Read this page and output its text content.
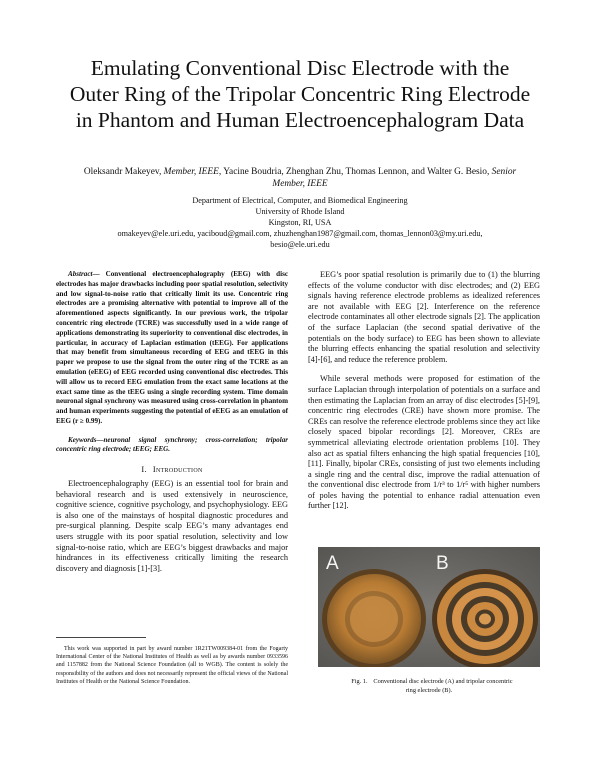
Emulating Conventional Disc Electrode with the
Outer Ring of the Tripolar Concentric Ring Electrode
in Phantom and Human Electroencephalogram Data
Oleksandr Makeyev, Member, IEEE, Yacine Boudria, Zhenghan Zhu, Thomas Lennon, and Walter G. Besio, Senior
Member, IEEE
Department of Electrical, Computer, and Biomedical Engineering
University of Rhode Island
Kingston, RI, USA
omakeyev@ele.uri.edu, yaciboud@gmail.com, zhuzhenghan1987@gmail.com, thomas_lennon03@my.uri.edu,
besio@ele.uri.edu
Abstract— Conventional electroencephalography (EEG) with disc electrodes has major drawbacks including poor spatial resolution, selectivity and low signal-to-noise ratio that critically limit its use. Concentric ring electrodes are a promising alternative with potential to improve all of the aforementioned aspects significantly. In our previous work, the tripolar concentric ring electrode (TCRE) was successfully used in a wide range of applications demonstrating its superiority to conventional disc electrodes, in particular, in accuracy of Laplacian estimation (tEEG). For applications that may benefit from simultaneous recording of EEG and tEEG in this paper we propose to use the signal from the outer ring of the TCRE as an emulation (eEEG) of EEG recorded using conventional disc electrodes. This will allow us to record EEG emulation from the exact same locations at the exact same time as the tEEG using a single recording system. Time domain neuronal signal synchrony was measured using cross-correlation in phantom and human experiments suggesting the potential of eEEG as an emulation of EEG (r ≥ 0.99).
Keywords—neuronal signal synchrony; cross-correlation; tripolar concentric ring electrode; tEEG; EEG.
I. Introduction
Electroencephalography (EEG) is an essential tool for brain and behavioral research and is used extensively in neuroscience, cognitive science, cognitive psychology, and psychophysiology. EEG is also one of the mainstays of hospital diagnostic procedures and pre-surgical planning. Despite scalp EEG’s many advantages end users struggle with its poor spatial resolution, selectivity and low signal-to-noise ratio, which are EEG’s biggest drawbacks and major hindrances in its effectiveness critically limiting the research discovery and diagnosis [1]-[3].
This work was supported in part by award number 1R21TW009384-01 from the Fogarty International Center of the National Institutes of Health as well as by awards number 0933596 and 1157882 from the National Science Foundation (all to WGB). The content is solely the responsibility of the authors and does not necessarily represent the official views of the National Institutes of Health or the National Science Foundation.
EEG’s poor spatial resolution is primarily due to (1) the blurring effects of the volume conductor with disc electrodes; and (2) EEG signals having reference electrode problems as idealized references are not available with EEG [2]. Interference on the reference electrode contaminates all other electrode signals [2]. The application of the surface Laplacian (the second spatial derivative of the potentials on the body surface) to EEG has been shown to alleviate the blurring effects enhancing the spatial resolution and selectivity [4]-[6], and reduce the reference problem.
While several methods were proposed for estimation of the surface Laplacian through interpolation of potentials on a surface and then estimating the Laplacian from an array of disc electrodes [5]-[9], concentric ring electrodes (CRE) have shown more promise. The CREs can resolve the reference electrode problems since they act like closely spaced bipolar recordings [2]. Moreover, CREs are symmetrical alleviating electrode orientation problems [10]. They also act as spatial filters enhancing the high spatial frequencies [10], [11]. Finally, bipolar CREs, consisting of just two elements including a single ring and the central disc, improve the radial attenuation of the conventional disc electrode from 1/r³ to 1/r⁵ with higher numbers of poles having the potential to enhance radial attenuation even further [12].
A	B
Fig. 1. Conventional disc electrode (A) and tripolar concentric
ring electrode (B).
